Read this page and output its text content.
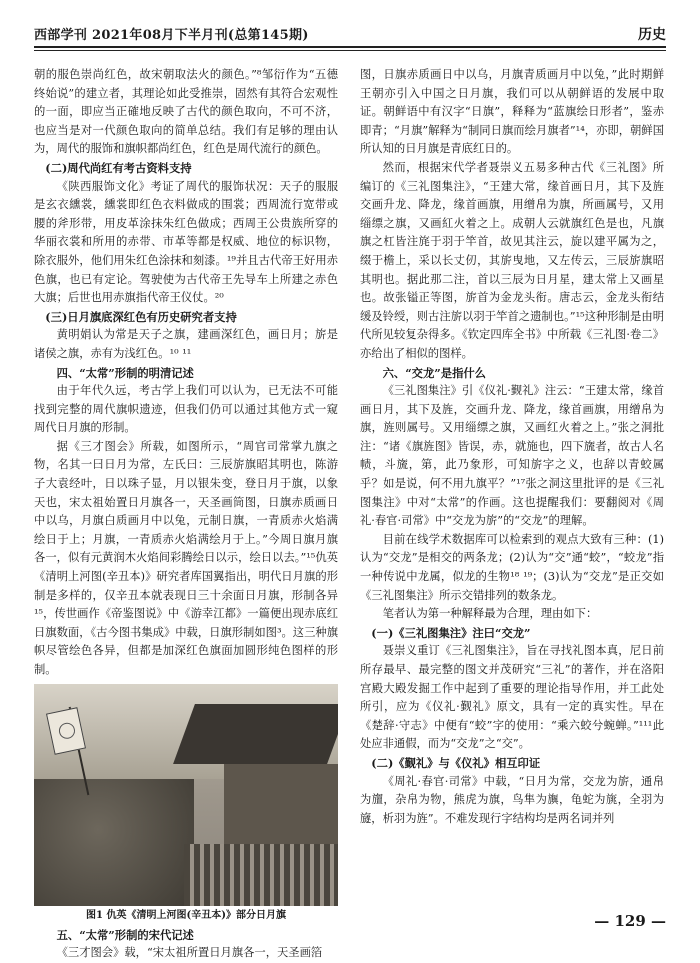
西部学刊 2021年08月下半月刊(总第145期)	历史

朝的服色崇尚红色，故宋朝取法火的颜色。”⁸邹衍作为“五德终始说”的建立者，其理论如此受推崇，固然有其符合宏观性的一面，即应当正確地反映了古代的颜色取向，不可不济，也应当是对一代颜色取向的简单总结。我们有足够的理由认为，周代的服饰和旗帜都尚红色，红色是周代流行的颜色。

(二)周代尚红有考古资料支持

《陕西服饰文化》考证了周代的服饰状况：天子的服服是玄衣纁裳，纁裳即红色衣料做成的围裳；西周流行宽带或腰的斧形带，用皮革涂抹朱红色做成；西周王公贵族所穿的华丽衣裳和所用的赤带、市革等都是权威、地位的标识物，除衣服外，他们用朱红色涂抹和刻漆。¹⁹并且古代帝王好用赤色旗，也已有定论。驾驶使为古代帝王先导车上所建之赤色大旗；后世也用赤旗指代帝王仪仗。²⁰

(三)日月旗底深红色有历史研究者支持

黄明娟认为常是天子之旗，建画深红色，画日月；旂是诸侯之旗，赤有为浅红色。¹⁰ ¹¹

四、“太常”形制的明清记述

由于年代久远，考古学上我们可以认为，已无法不可能找到完整的周代旗帜遗迹，但我们仍可以通过其他方式一窥周代日月旗的形制。

据《三才图会》所载，如图所示，“周官司常掌九旗之物，名其一曰日月为常，左氏曰：三辰旂旗昭其明也，陈游子大袁经叶，日以珠子显，月以银朱变，登日月于旗，以象天也，宋太祖始置日月旗各一，天圣画筒图，日旗赤质画日中以乌，月旗白质画月中以兔，元制日旗，一青质赤火焰满绘日于上；月旗，一青质赤火焰满绘月于上。”今周日旗月旗各一，似有元黄润木火焰间彩腾绘日以示，绘日以去。”¹⁵仇英《清明上河图(辛丑本)》研究者库国翼指出，明代日月旗的形制是多样的，仅辛丑本就表现日三十余面日月旗，形制各异¹⁵，传世画作《帝鉴图说》中《游幸江都》一篇便出现赤底红日旗数面，《古今图书集成》中载，日旗形制如图³。这三种旗帜尽管绘色各异，但都是加深红色旗面加圆形纯色图样的形制。

图1 仇英《清明上河图(辛丑本)》部分日月旗
五、“太常”形制的宋代记述

《三才图会》载，“宋太祖所置日月旗各一，天圣画箔

图，日旗赤质画日中以乌，月旗青质画月中以兔，”此时期鲜王朝亦引入中国之日月旗，我们可以从朝鲜语的发展中取证。朝鲜语中有汉字“日旗”，释释为“蓝旗绘日形者”，鉴赤即青；“月旗”解释为“制同日旗而绘月旗者”¹⁴，亦即，朝鲜国所认知的日月旗是青底红日的。

然而，根据宋代学者聂崇义五易多种古代《三礼图》所编订的《三礼图集注》，“王建大常，缘首画日月，其下及旌交画升龙、降龙，缘首画旗，用缯帛为旗，所画属号，又用缁缥之旗，又画紅火着之上。成朝人云就旗红色是也，凡旗旗之杠皆注旄于羽于竿首，故见其注云，旋以建平属为之，缀于檐上，采以长丈仞，其旂曳地，又左传云，三辰旂旗昭其明也。据此那二注，首以三辰为日月星，建太常上又画星也。故张镒正等图，旂首为金龙头衔。唐志云，金龙头衔结缓及铃绶，则古注旂以羽于竿首之遗制也。”¹⁵这种形制是由明代所见较复杂得多。《钦定四库全书》中所载《三礼图·卷二》亦给出了相似的图样。

六、“交龙”是指什么

《三礼图集注》引《仪礼·觐礼》注云：“王建太常，缘首画日月，其下及旌，交画升龙、降龙，缘首画旗，用缯帛为旗，旌则属号。又用缁缥之旗，又画红火着之上。”张之洞批注：“诸《旗旌图》皆误，赤，就施也，四下旒者，故古人名帻，斗旒，第，此乃象形，可知旂字之义，也辞以青蛟属乎？如是说，何不用九旗平？”¹⁷张之洞这里批评的是《三礼图集注》中对“太常”的作画。这也提醒我们：要翻阅对《周礼·春官·司常》中“交龙为旂”的“交龙”的理解。

目前在线学术数据库可以检索到的观点大致有三种：(1)认为“交龙”是相交的两条龙；(2)认为“交”通“蛟”，“蛟龙”指一种传说中龙属，似龙的生物¹⁸ ¹⁹；(3)认为“交龙”是正交如《三礼图集注》所示交错排列的数条龙。

笔者认为第一种解释最为合理，理由如下：

(一)《三礼图集注》注曰“交龙”

聂崇义重订《三礼图集注》，旨在寻找礼图本真，尼日前所存最早、最完整的图文并茂研究“三礼”的著作，并在洛阳宫殿大殿发掘工作中起到了重要的理论指导作用，并工此处所引，应为《仪礼·觐礼》原文，具有一定的真实性。早在《楚辞·守志》中便有“蛟”字的使用：“乘六蛟兮蜿蝉。”¹¹¹此处应非通假，而为“交龙”之“交”。

(二)《觐礼》与《仪礼》相互印证

《周礼·春官·司常》中载，“日月为常，交龙为旂，通帛为旜，杂帛为物，熊虎为旗，鸟隼为旟，龟蛇为旐，全羽为旞，析羽为旌”。不难发现行字结构均是两名词并列

— 129 —
